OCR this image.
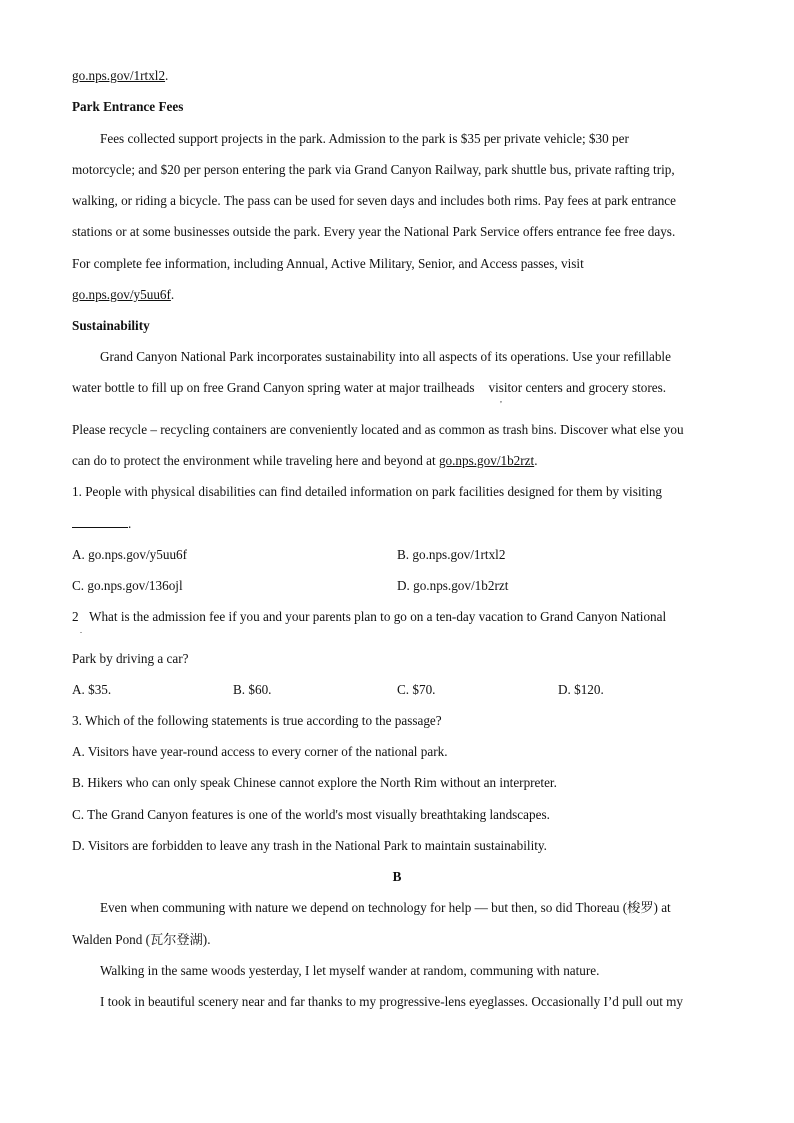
go.nps.gov/1rtxl2.
Park Entrance Fees
Fees collected support projects in the park. Admission to the park is $35 per private vehicle; $30 per
motorcycle; and $20 per person entering the park via Grand Canyon Railway, park shuttle bus, private rafting trip,
walking, or riding a bicycle. The pass can be used for seven days and includes both rims. Pay fees at park entrance
stations or at some businesses outside the park. Every year the National Park Service offers entrance fee free days.
For complete fee information, including Annual, Active Military, Senior, and Access passes, visit
go.nps.gov/y5uu6f.
Sustainability
Grand Canyon National Park incorporates sustainability into all aspects of its operations. Use your refillable
water bottle to fill up on free Grand Canyon spring water at major trailheads visitor centers and grocery stores.
,
Please recycle – recycling containers are conveniently located and as common as trash bins. Discover what else you
can do to protect the environment while traveling here and beyond at go.nps.gov/1b2rzt.
1. People with physical disabilities can find detailed information on park facilities designed for them by visiting
.
A. go.nps.gov/y5uu6f	B. go.nps.gov/1rtxl2
C. go.nps.gov/136ojl	D. go.nps.gov/1b2rzt
2
.
What is the admission fee if you and your parents plan to go on a ten-day vacation to Grand Canyon National
Park by driving a car?
A. $35.	B. $60.	C. $70.	D. $120.
3. Which of the following statements is true according to the passage?
A. Visitors have year-round access to every corner of the national park.
B. Hikers who can only speak Chinese cannot explore the North Rim without an interpreter.
C. The Grand Canyon features is one of the world's most visually breathtaking landscapes.
D. Visitors are forbidden to leave any trash in the National Park to maintain sustainability.
B
Even when communing with nature we depend on technology for help — but then, so did Thoreau (梭罗) at
Walden Pond (瓦尔登湖).
Walking in the same woods yesterday, I let myself wander at random, communing with nature.
I took in beautiful scenery near and far thanks to my progressive-lens eyeglasses. Occasionally I’d pull out my
